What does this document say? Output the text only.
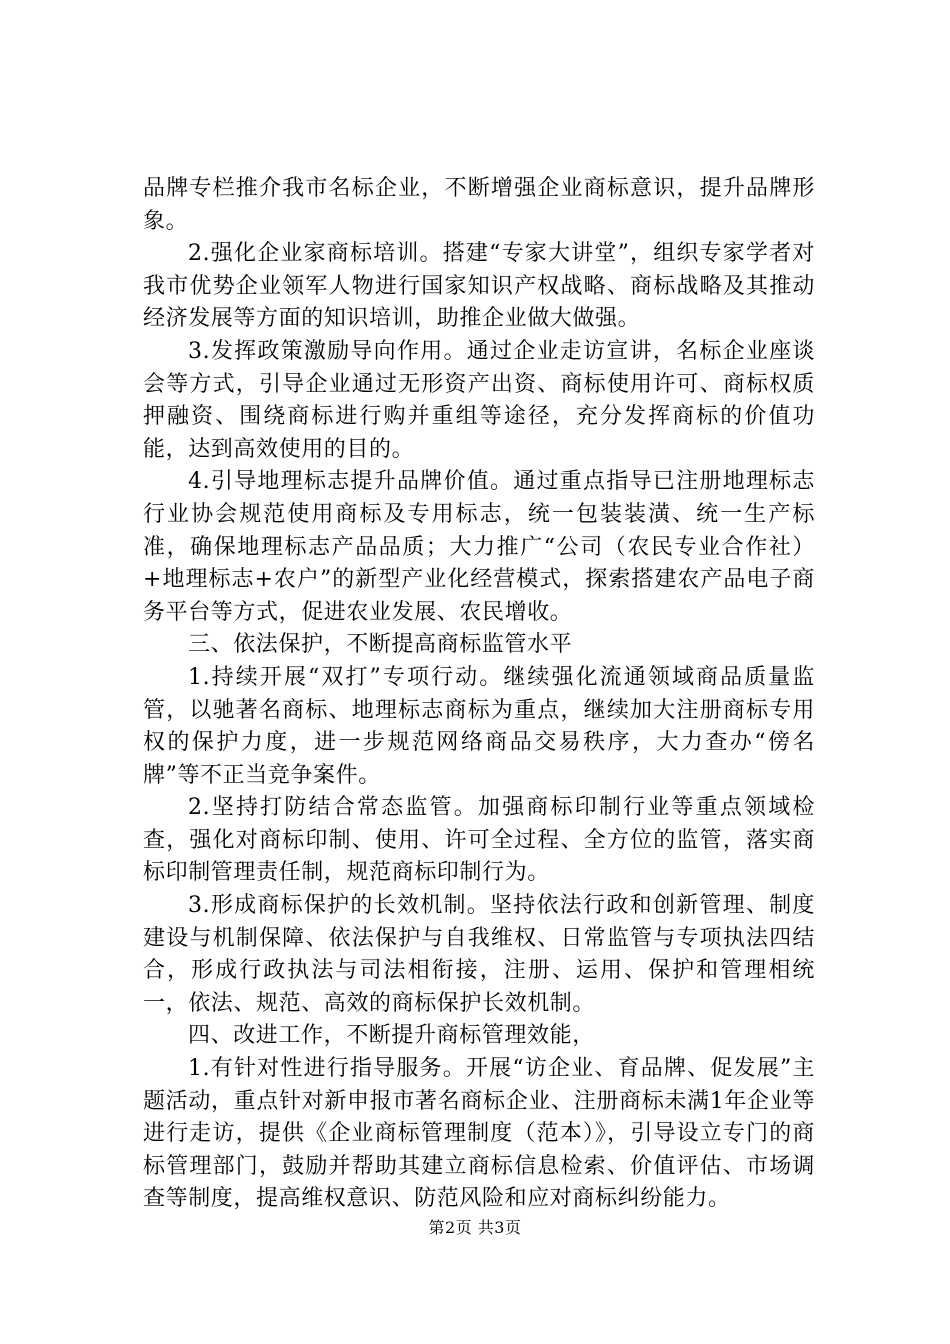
品牌专栏推介我市名标企业，不断增强企业商标意识，提升品牌形象。

2.强化企业家商标培训。搭建“专家大讲堂”，组织专家学者对我市优势企业领军人物进行国家知识产权战略、商标战略及其推动经济发展等方面的知识培训，助推企业做大做强。

3.发挥政策激励导向作用。通过企业走访宣讲，名标企业座谈会等方式，引导企业通过无形资产出资、商标使用许可、商标权质押融资、围绕商标进行购并重组等途径，充分发挥商标的价值功能，达到高效使用的目的。

4.引导地理标志提升品牌价值。通过重点指导已注册地理标志行业协会规范使用商标及专用标志，统一包装装潢、统一生产标准，确保地理标志产品品质；大力推广“公司（农民专业合作社）+地理标志+农户”的新型产业化经营模式，探索搭建农产品电子商务平台等方式，促进农业发展、农民增收。

三、依法保护，不断提高商标监管水平

1.持续开展“双打”专项行动。继续强化流通领域商品质量监管，以驰著名商标、地理标志商标为重点，继续加大注册商标专用权的保护力度，进一步规范网络商品交易秩序，大力查办“傍名牌”等不正当竞争案件。

2.坚持打防结合常态监管。加强商标印制行业等重点领域检查，强化对商标印制、使用、许可全过程、全方位的监管，落实商标印制管理责任制，规范商标印制行为。

3.形成商标保护的长效机制。坚持依法行政和创新管理、制度建设与机制保障、依法保护与自我维权、日常监管与专项执法四结合，形成行政执法与司法相衔接，注册、运用、保护和管理相统一，依法、规范、高效的商标保护长效机制。

四、改进工作，不断提升商标管理效能，

1.有针对性进行指导服务。开展“访企业、育品牌、促发展”主题活动，重点针对新申报市著名商标企业、注册商标未满1年企业等进行走访，提供《企业商标管理制度（范本）》，引导设立专门的商标管理部门，鼓励并帮助其建立商标信息检索、价值评估、市场调查等制度，提高维权意识、防范风险和应对商标纠纷能力。

第2页 共3页
